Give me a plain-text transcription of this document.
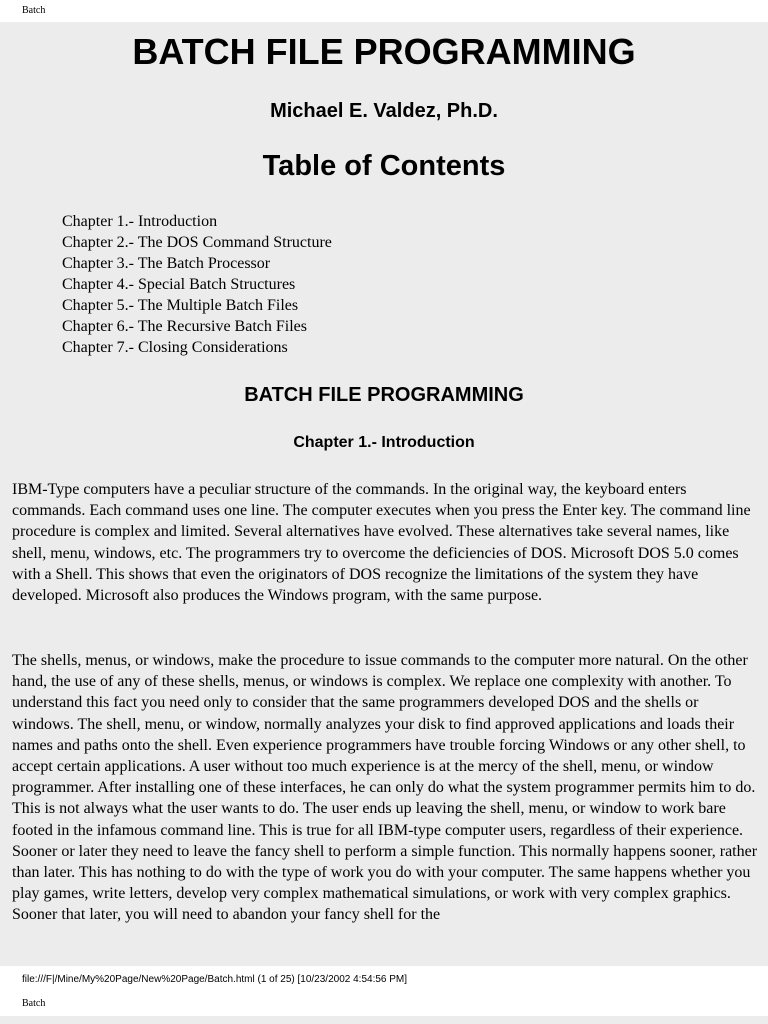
Batch
BATCH FILE PROGRAMMING
Michael E. Valdez, Ph.D.
Table of Contents
Chapter 1.- Introduction
Chapter 2.- The DOS Command Structure
Chapter 3.- The Batch Processor
Chapter 4.- Special Batch Structures
Chapter 5.- The Multiple Batch Files
Chapter 6.- The Recursive Batch Files
Chapter 7.- Closing Considerations
BATCH FILE PROGRAMMING
Chapter 1.- Introduction

IBM-Type computers have a peculiar structure of the commands. In the original way, the keyboard enters commands. Each command uses one line. The computer executes when you press the Enter key. The command line procedure is complex and limited. Several alternatives have evolved. These alternatives take several names, like shell, menu, windows, etc. The programmers try to overcome the deficiencies of DOS. Microsoft DOS 5.0 comes with a Shell. This shows that even the originators of DOS recognize the limitations of the system they have developed. Microsoft also produces the Windows program, with the same purpose.

The shells, menus, or windows, make the procedure to issue commands to the computer more natural. On the other hand, the use of any of these shells, menus, or windows is complex. We replace one complexity with another. To understand this fact you need only to consider that the same programmers developed DOS and the shells or windows. The shell, menu, or window, normally analyzes your disk to find approved applications and loads their names and paths onto the shell. Even experience programmers have trouble forcing Windows or any other shell, to accept certain applications. A user without too much experience is at the mercy of the shell, menu, or window programmer. After installing one of these interfaces, he can only do what the system programmer permits him to do. This is not always what the user wants to do. The user ends up leaving the shell, menu, or window to work bare footed in the infamous command line. This is true for all IBM-type computer users, regardless of their experience. Sooner or later they need to leave the fancy shell to perform a simple function. This normally happens sooner, rather than later. This has nothing to do with the type of work you do with your computer. The same happens whether you play games, write letters, develop very complex mathematical simulations, or work with very complex graphics. Sooner that later, you will need to abandon your fancy shell for the

file:///F|/Mine/My%20Page/New%20Page/Batch.html (1 of 25) [10/23/2002 4:54:56 PM]
Batch
